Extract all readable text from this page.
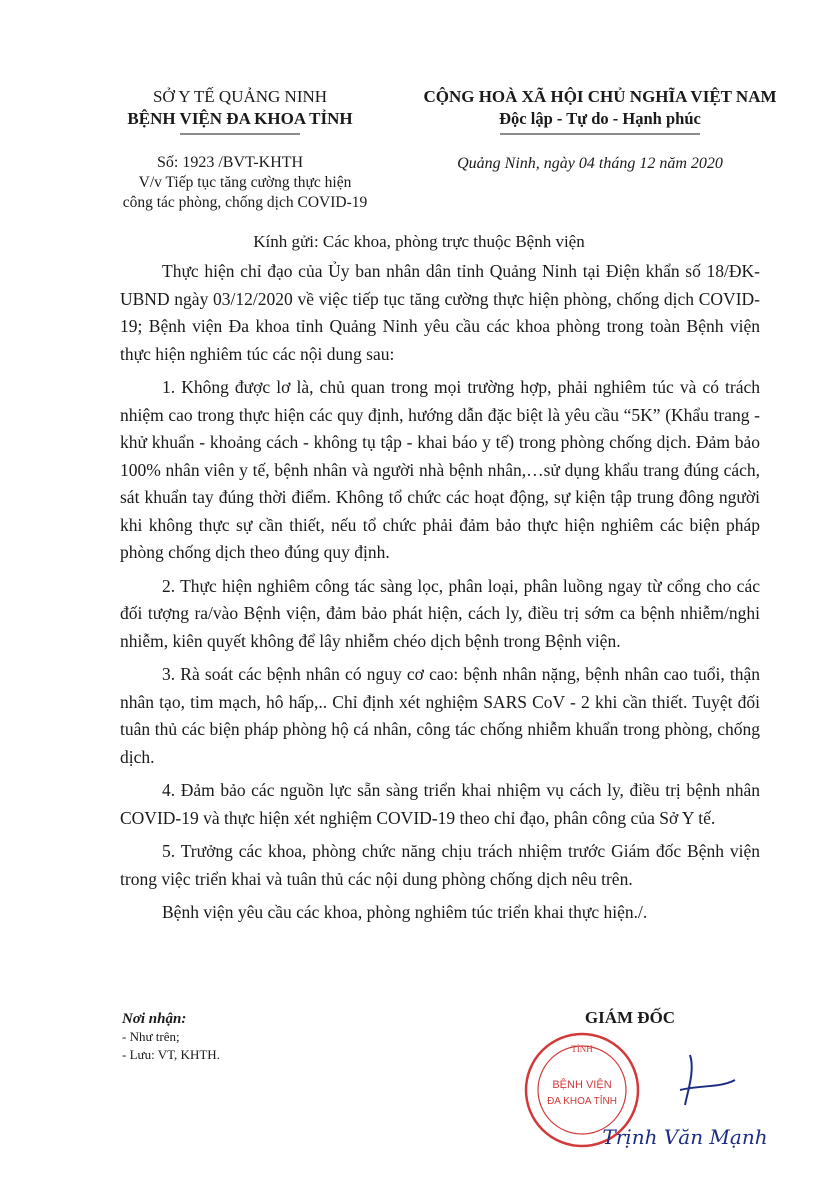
SỞ Y TẾ QUẢNG NINH
BỆNH VIỆN ĐA KHOA TỈNH
CỘNG HOÀ XÃ HỘI CHỦ NGHĨA VIỆT NAM
Độc lập - Tự do - Hạnh phúc
Số: 1923 /BVT-KHTH
V/v Tiếp tục tăng cường thực hiện
công tác phòng, chống dịch COVID-19
Quảng Ninh, ngày 04 tháng 12 năm 2020
Kính gửi: Các khoa, phòng trực thuộc Bệnh viện

Thực hiện chỉ đạo của Ủy ban nhân dân tỉnh Quảng Ninh tại Điện khẩn số 18/ĐK-UBND ngày 03/12/2020 về việc tiếp tục tăng cường thực hiện phòng, chống dịch COVID-19; Bệnh viện Đa khoa tỉnh Quảng Ninh yêu cầu các khoa phòng trong toàn Bệnh viện thực hiện nghiêm túc các nội dung sau:

1. Không được lơ là, chủ quan trong mọi trường hợp, phải nghiêm túc và có trách nhiệm cao trong thực hiện các quy định, hướng dẫn đặc biệt là yêu cầu “5K” (Khẩu trang - khử khuẩn - khoảng cách - không tụ tập - khai báo y tế) trong phòng chống dịch. Đảm bảo 100% nhân viên y tế, bệnh nhân và người nhà bệnh nhân,…sử dụng khẩu trang đúng cách, sát khuẩn tay đúng thời điểm. Không tổ chức các hoạt động, sự kiện tập trung đông người khi không thực sự cần thiết, nếu tổ chức phải đảm bảo thực hiện nghiêm các biện pháp phòng chống dịch theo đúng quy định.

2. Thực hiện nghiêm công tác sàng lọc, phân loại, phân luồng ngay từ cổng cho các đối tượng ra/vào Bệnh viện, đảm bảo phát hiện, cách ly, điều trị sớm ca bệnh nhiễm/nghi nhiễm, kiên quyết không để lây nhiễm chéo dịch bệnh trong Bệnh viện.

3. Rà soát các bệnh nhân có nguy cơ cao: bệnh nhân nặng, bệnh nhân cao tuổi, thận nhân tạo, tim mạch, hô hấp,.. Chỉ định xét nghiệm SARS CoV - 2 khi cần thiết. Tuyệt đối tuân thủ các biện pháp phòng hộ cá nhân, công tác chống nhiễm khuẩn trong phòng, chống dịch.

4. Đảm bảo các nguồn lực sẵn sàng triển khai nhiệm vụ cách ly, điều trị bệnh nhân COVID-19 và thực hiện xét nghiệm COVID-19 theo chỉ đạo, phân công của Sở Y tế.

5. Trưởng các khoa, phòng chức năng chịu trách nhiệm trước Giám đốc Bệnh viện trong việc triển khai và tuân thủ các nội dung phòng chống dịch nêu trên.

Bệnh viện yêu cầu các khoa, phòng nghiêm túc triển khai thực hiện./.

Nơi nhận:
- Như trên;
- Lưu: VT, KHTH.
GIÁM ĐỐC
TỈNH
BỆNH VIỆN
ĐA KHOA TỈNH
Trịnh Văn Mạnh
